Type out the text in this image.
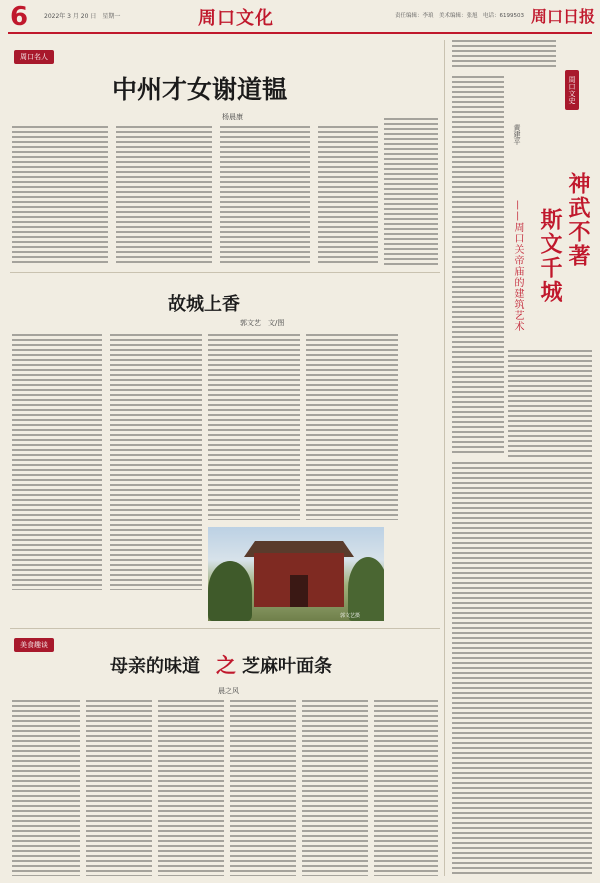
6	2022年 3 月 20 日　星期一	周口文化	责任编辑：李琅　美术编辑：张旭　电话：6199503 周口日报
周口名人
中州才女谢道韫
杨晨康
故城上香
郭文艺　文/图
郭文艺摄
美食趣谈
母亲的味道 之 芝麻叶面条
晨之风
周口文史
神武不著
斯文千城
——周口关帝庙的建筑艺术
黄建平
